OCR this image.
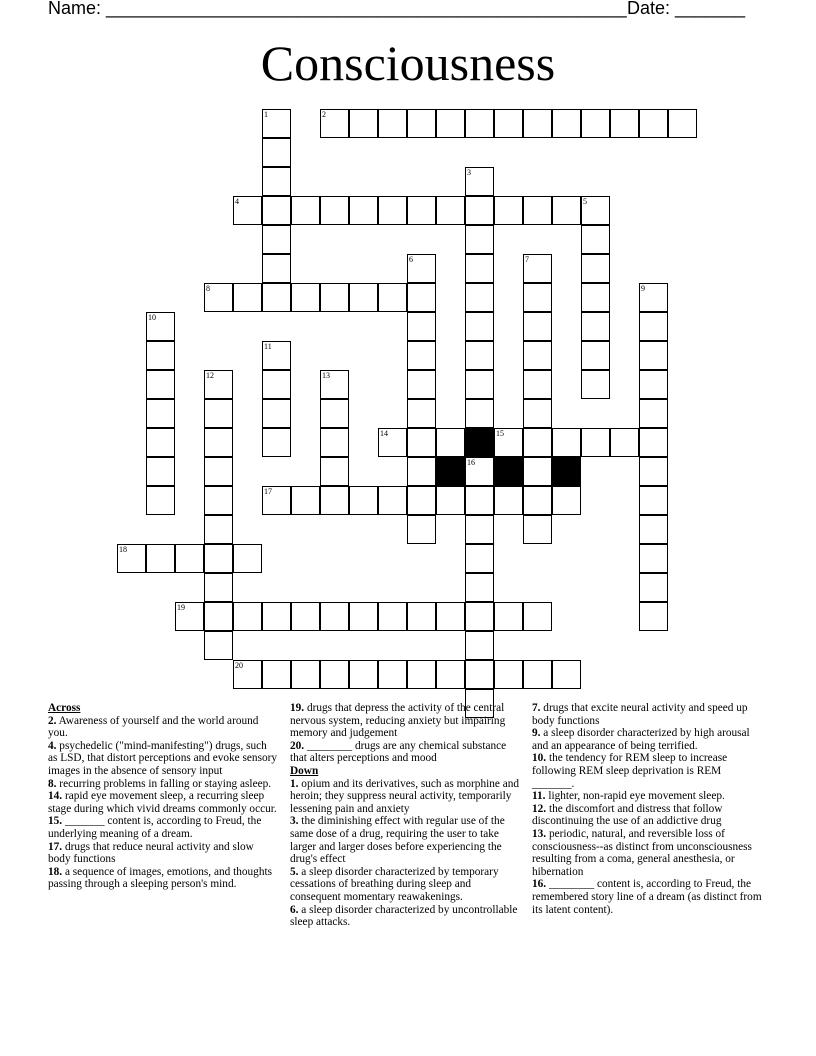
Name: ____________________________________________________ Date: _______
Consciousness
2
4	5
8
14	15
17
18
19
20
1
3
16
6	7
9
10
11
12	13
Across
2. Awareness of yourself and the world around you.
4. psychedelic ("mind-manifesting") drugs, such as LSD, that distort perceptions and evoke sensory images in the absence of sensory input
8. recurring problems in falling or staying asleep.
14. rapid eye movement sleep, a recurring sleep stage during which vivid dreams commonly occur.
15. _______ content is, according to Freud, the underlying meaning of a dream.
17. drugs that reduce neural activity and slow body functions
18. a sequence of images, emotions, and thoughts passing through a sleeping person's mind.
19. drugs that depress the activity of the central nervous system, reducing anxiety but impairing memory and judgement
20. ________ drugs are any chemical substance that alters perceptions and mood
Down
1. opium and its derivatives, such as morphine and heroin; they suppress neural activity, temporarily lessening pain and anxiety
3. the diminishing effect with regular use of the same dose of a drug, requiring the user to take larger and larger doses before experiencing the drug's effect
5. a sleep disorder characterized by temporary cessations of breathing during sleep and consequent momentary reawakenings.
6. a sleep disorder characterized by uncontrollable sleep attacks.
7. drugs that excite neural activity and speed up body functions
9. a sleep disorder characterized by high arousal and an appearance of being terrified.
10. the tendency for REM sleep to increase following REM sleep deprivation is REM _______.
11. lighter, non-rapid eye movement sleep.
12. the discomfort and distress that follow discontinuing the use of an addictive drug
13. periodic, natural, and reversible loss of consciousness--as distinct from unconsciousness resulting from a coma, general anesthesia, or hibernation
16. ________ content is, according to Freud, the remembered story line of a dream (as distinct from its latent content).
